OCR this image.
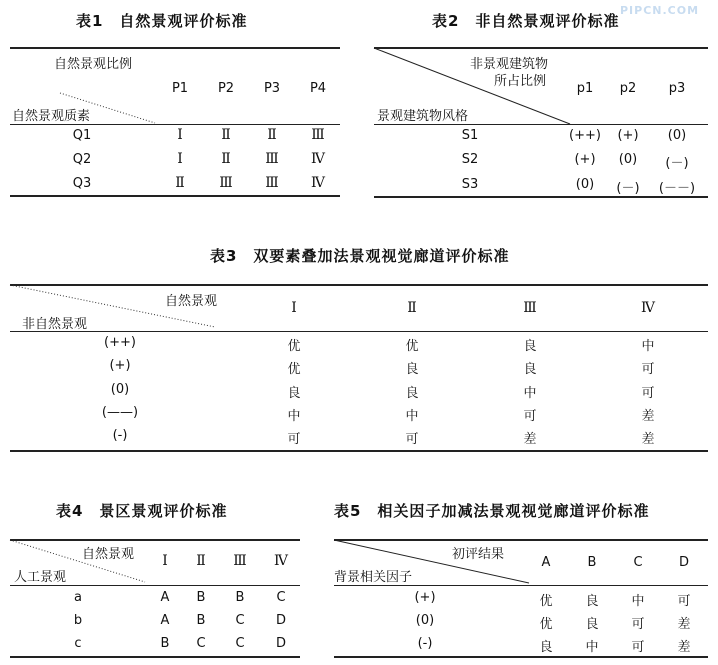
PIPCN.COM
表1　自然景观评价标准
自然景观比例
自然景观质素
P1 P2 P3 P4
Q1	Ⅰ	Ⅱ	Ⅱ Ⅲ
Q2	Ⅰ	Ⅱ Ⅲ Ⅳ
Q3	Ⅱ Ⅲ Ⅲ Ⅳ
表2　非自然景观评价标准
非景观建筑物
所占比例
景观建筑物风格
p1 p2 p3
S1	(++) (+) (0)
S2	(+) (0) (－)
S3	(0) (－) (－－)
表3　双要素叠加法景观视觉廊道评价标准
自然景观
非自然景观
Ⅰ	Ⅱ	Ⅲ	Ⅳ
(++)	优	优	良	中
(+)	优	良	良	可
(0)	良	良	中	可
(——)	中	中	可	差
(-)	可	可	差	差
表4　景区景观评价标准
自然景观
人工景观
Ⅰ Ⅱ Ⅲ Ⅳ
a	A B B C
b	A B C D
c	B C C D
表5　相关因子加减法景观视觉廊道评价标准
初评结果
背景相关因子
A	B	C	D
(+)	优	良	中	可
(0)	优	良	可	差
(-)	良	中	可	差
